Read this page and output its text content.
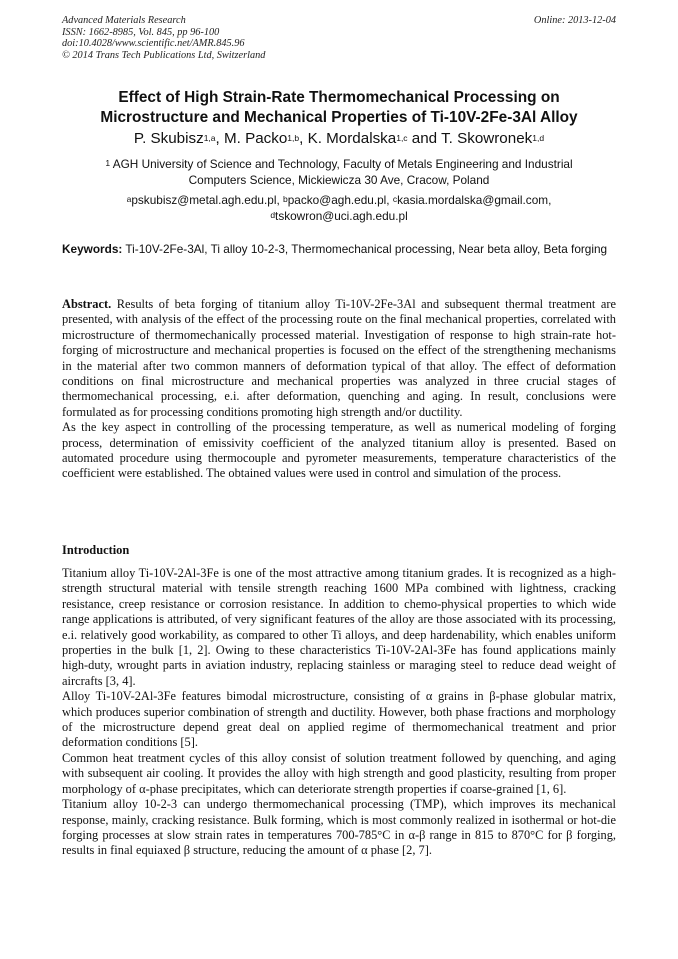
Advanced Materials Research
ISSN: 1662-8985, Vol. 845, pp 96-100
doi:10.4028/www.scientific.net/AMR.845.96
© 2014 Trans Tech Publications Ltd, Switzerland
Online: 2013-12-04
Effect of High Strain-Rate Thermomechanical Processing on
Microstructure and Mechanical Properties of Ti-10V-2Fe-3Al Alloy
P. Skubisz$^{1,a}$, M. Packo$^{1,b}$, K. Mordalska$^{1,c}$ and T. Skowronek$^{1,d}$
$^1$ AGH University of Science and Technology, Faculty of Metals Engineering and Industrial
Computers Science, Mickiewicza 30 Ave, Cracow, Poland
$^a$pskubisz@metal.agh.edu.pl, $^b$packo@agh.edu.pl, $^c$kasia.mordalska@gmail.com,
$^d$tskowron@uci.agh.edu.pl
Keywords: Ti-10V-2Fe-3Al, Ti alloy 10-2-3, Thermomechanical processing, Near beta alloy, Beta forging

Abstract. Results of beta forging of titanium alloy Ti-10V-2Fe-3Al and subsequent thermal treatment are presented, with analysis of the effect of the processing route on the final mechanical properties, correlated with microstructure of thermomechanically processed material. Investigation of response to high strain-rate hot-forging of microstructure and mechanical properties is focused on the effect of the strengthening mechanisms in the material after two common manners of deformation typical of that alloy. The effect of deformation conditions on final microstructure and mechanical properties was analyzed in three crucial stages of thermomechanical processing, e.i. after deformation, quenching and aging. In result, conclusions were formulated as for processing conditions promoting high strength and/or ductility.

As the key aspect in controlling of the processing temperature, as well as numerical modeling of forging process, determination of emissivity coefficient of the analyzed titanium alloy is presented. Based on automated procedure using thermocouple and pyrometer measurements, temperature characteristics of the coefficient were established. The obtained values were used in control and simulation of the process.

Introduction

Titanium alloy Ti-10V-2Al-3Fe is one of the most attractive among titanium grades. It is recognized as a high-strength structural material with tensile strength reaching 1600 MPa combined with lightness, cracking resistance, creep resistance or corrosion resistance. In addition to chemo-physical properties to which wide range applications is attributed, of very significant features of the alloy are those associated with its processing, e.i. relatively good workability, as compared to other Ti alloys, and deep hardenability, which enables uniform properties in the bulk [1, 2]. Owing to these characteristics Ti-10V-2Al-3Fe has found applications mainly high-duty, wrought parts in aviation industry, replacing stainless or maraging steel to reduce dead weight of aircrafts [3, 4].

Alloy Ti-10V-2Al-3Fe features bimodal microstructure, consisting of α grains in β-phase globular matrix, which produces superior combination of strength and ductility. However, both phase fractions and morphology of the microstructure depend great deal on applied regime of thermomechanical treatment and prior deformation conditions [5].

Common heat treatment cycles of this alloy consist of solution treatment followed by quenching, and aging with subsequent air cooling. It provides the alloy with high strength and good plasticity, resulting from proper morphology of α-phase precipitates, which can deteriorate strength properties if coarse-grained [1, 6].

Titanium alloy 10-2-3 can undergo thermomechanical processing (TMP), which improves its mechanical response, mainly, cracking resistance. Bulk forming, which is most commonly realized in isothermal or hot-die forging processes at slow strain rates in temperatures 700-785°C in α-β range in 815 to 870°C for β forging, results in final equiaxed β structure, reducing the amount of α phase [2, 7].
